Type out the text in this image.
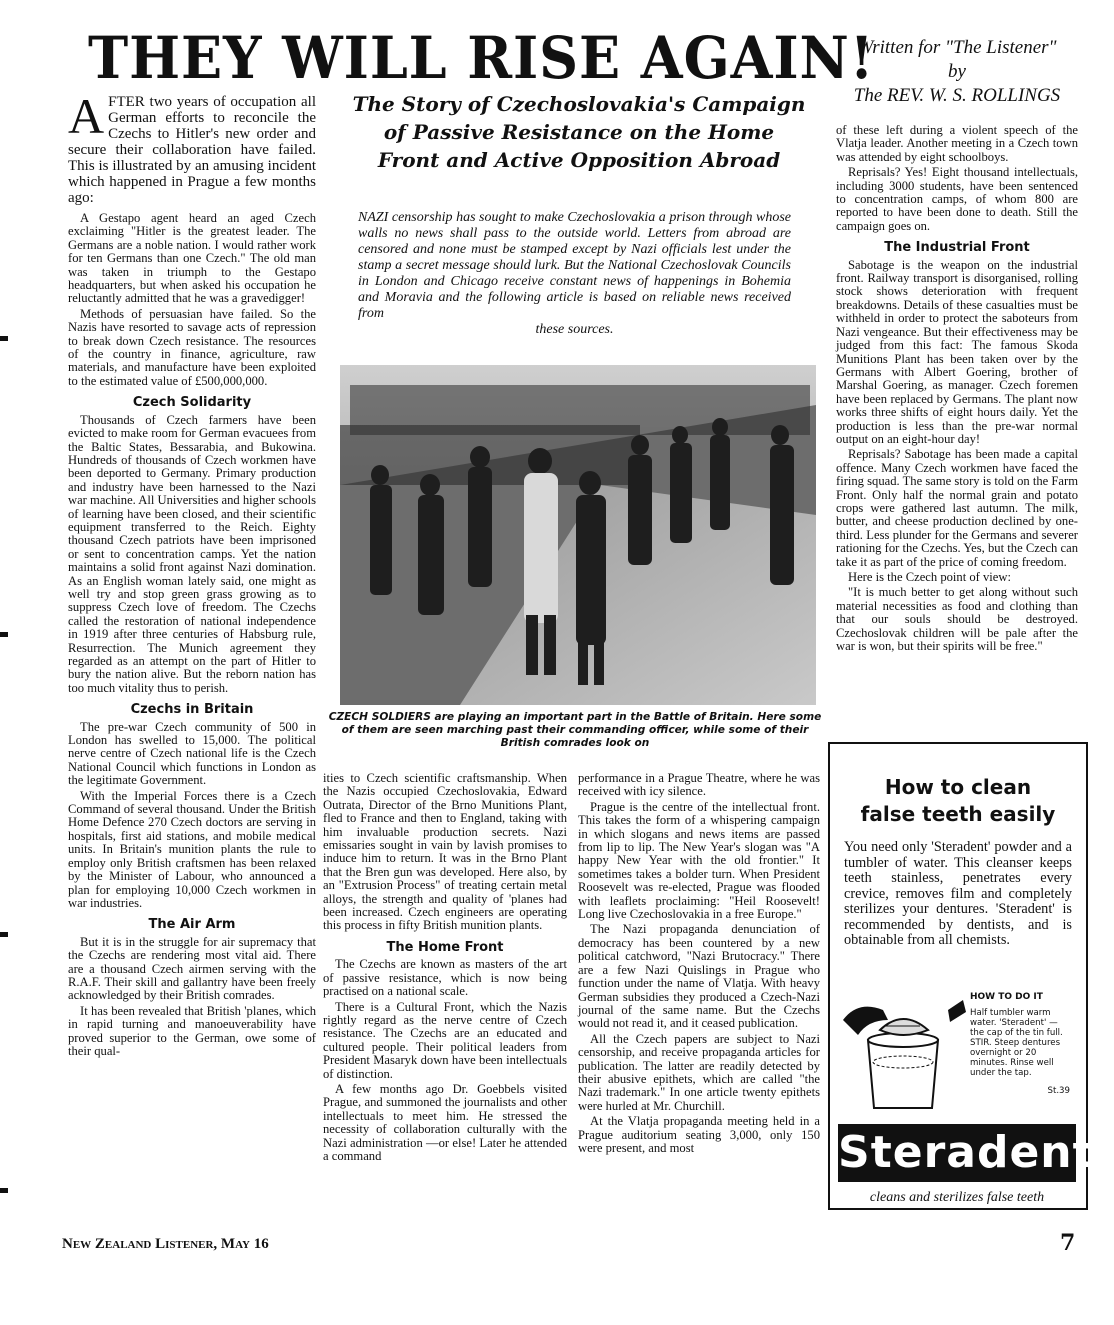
THEY WILL RISE AGAIN!
Written for "The Listener"
by
The REV. W. S. ROLLINGS
The Story of Czechoslovakia's Campaign of Passive Resistance on the Home Front and Active Opposition Abroad
NAZI censorship has sought to make Czechoslovakia a prison through whose walls no news shall pass to the outside world. Letters from abroad are censored and none must be stamped except by Nazi officials lest under the stamp a secret message should lurk. But the National Czechoslovak Councils in London and Chicago receive constant news of happenings in Bohemia and Moravia and the following article is based on reliable news received from
these sources.
AFTER two years of occupation all German efforts to reconcile the Czechs to Hitler's new order and secure their collaboration have failed. This is illustrated by an amusing incident which happened in Prague a few months ago:

A Gestapo agent heard an aged Czech exclaiming "Hitler is the greatest leader. The Germans are a noble nation. I would rather work for ten Germans than one Czech." The old man was taken in triumph to the Gestapo headquarters, but when asked his occupation he reluctantly admitted that he was a gravedigger!

Methods of persuasian have failed. So the Nazis have resorted to savage acts of repression to break down Czech resistance. The resources of the country in finance, agriculture, raw materials, and manufacture have been exploited to the estimated value of £500,000,000.

Czech Solidarity

Thousands of Czech farmers have been evicted to make room for German evacuees from the Baltic States, Bessarabia, and Bukowina. Hundreds of thousands of Czech workmen have been deported to Germany. Primary production and industry have been harnessed to the Nazi war machine. All Universities and higher schools of learning have been closed, and their scientific equipment transferred to the Reich. Eighty thousand Czech patriots have been imprisoned or sent to concentration camps. Yet the nation maintains a solid front against Nazi domination. As an English woman lately said, one might as well try and stop green grass growing as to suppress Czech love of freedom. The Czechs called the restoration of national independence in 1919 after three centuries of Habsburg rule, Resurrection. The Munich agreement they regarded as an attempt on the part of Hitler to bury the nation alive. But the reborn nation has too much vitality thus to perish.

Czechs in Britain

The pre-war Czech community of 500 in London has swelled to 15,000. The political nerve centre of Czech national life is the Czech National Council which functions in London as the legitimate Government.

With the Imperial Forces there is a Czech Command of several thousand. Under the British Home Defence 270 Czech doctors are serving in hospitals, first aid stations, and mobile medical units. In Britain's munition plants the rule to employ only British craftsmen has been relaxed by the Minister of Labour, who announced a plan for employing 10,000 Czech workmen in war industries.

The Air Arm

But it is in the struggle for air supremacy that the Czechs are rendering most vital aid. There are a thousand Czech airmen serving with the R.A.F. Their skill and gallantry have been freely acknowledged by their British comrades.

It has been revealed that British 'planes, which in rapid turning and manoeuverability have proved superior to the German, owe some of their qual-

CZECH SOLDIERS are playing an important part in the Battle of Britain. Here some of them are seen marching past their commanding officer, while some of their British comrades look on

ities to Czech scientific craftsmanship. When the Nazis occupied Czechoslovakia, Edward Outrata, Director of the Brno Munitions Plant, fled to France and then to England, taking with him invaluable production secrets. Nazi emissaries sought in vain by lavish promises to induce him to return. It was in the Brno Plant that the Bren gun was developed. Here also, by an "Extrusion Process" of treating certain metal alloys, the strength and quality of 'planes had been increased. Czech engineers are operating this process in fifty British munition plants.

The Home Front

The Czechs are known as masters of the art of passive resistance, which is now being practised on a national scale.

There is a Cultural Front, which the Nazis rightly regard as the nerve centre of Czech resistance. The Czechs are an educated and cultured people. Their political leaders from President Masaryk down have been intellectuals of distinction.

A few months ago Dr. Goebbels visited Prague, and summoned the journalists and other intellectuals to meet him. He stressed the necessity of collaboration culturally with the Nazi administration —or else! Later he attended a command

performance in a Prague Theatre, where he was received with icy silence.

Prague is the centre of the intellectual front. This takes the form of a whispering campaign in which slogans and news items are passed from lip to lip. The New Year's slogan was "A happy New Year with the old frontier." It sometimes takes a bolder turn. When President Roosevelt was re-elected, Prague was flooded with leaflets proclaiming: "Heil Roosevelt! Long live Czechoslovakia in a free Europe."

The Nazi propaganda denunciation of democracy has been countered by a new political catchword, "Nazi Brutocracy." There are a few Nazi Quislings in Prague who function under the name of Vlatja. With heavy German subsidies they produced a Czech-Nazi journal of the same name. But the Czechs would not read it, and it ceased publication.

All the Czech papers are subject to Nazi censorship, and receive propaganda articles for publication. The latter are readily detected by their abusive epithets, which are called "the Nazi trademark." In one article twenty epithets were hurled at Mr. Churchill.

At the Vlatja propaganda meeting held in a Prague auditorium seating 3,000, only 150 were present, and most

of these left during a violent speech of the Vlatja leader. Another meeting in a Czech town was attended by eight schoolboys.

Reprisals? Yes! Eight thousand intellectuals, including 3000 students, have been sentenced to concentration camps, of whom 800 are reported to have been done to death. Still the campaign goes on.

The Industrial Front

Sabotage is the weapon on the industrial front. Railway transport is disorganised, rolling stock shows deterioration with frequent breakdowns. Details of these casualties must be withheld in order to protect the saboteurs from Nazi vengeance. But their effectiveness may be judged from this fact: The famous Skoda Munitions Plant has been taken over by the Germans with Albert Goering, brother of Marshal Goering, as manager. Czech foremen have been replaced by Germans. The plant now works three shifts of eight hours daily. Yet the production is less than the pre-war normal output on an eight-hour day!

Reprisals? Sabotage has been made a capital offence. Many Czech workmen have faced the firing squad. The same story is told on the Farm Front. Only half the normal grain and potato crops were gathered last autumn. The milk, butter, and cheese production declined by one-third. Less plunder for the Germans and severer rationing for the Czechs. Yes, but the Czech can take it as part of the price of coming freedom.

Here is the Czech point of view:

"It is much better to get along without such material necessities as food and clothing than that our souls should be destroyed. Czechoslovak children will be pale after the war is won, but their spirits will be free."

How to clean
false teeth easily
You need only 'Steradent' powder and a tumbler of water. This cleanser keeps teeth stainless, penetrates every crevice, removes film and completely sterilizes your dentures. 'Steradent' is recommended by dentists, and is obtainable from all chemists.
HOW TO DO IT
Half tumbler warm water. 'Steradent' — the cap of the tin full. STIR. Steep dentures overnight or 20 minutes. Rinse well under the tap.
St.39
Steradent
cleans and sterilizes false teeth
New Zealand Listener, May 16	7
